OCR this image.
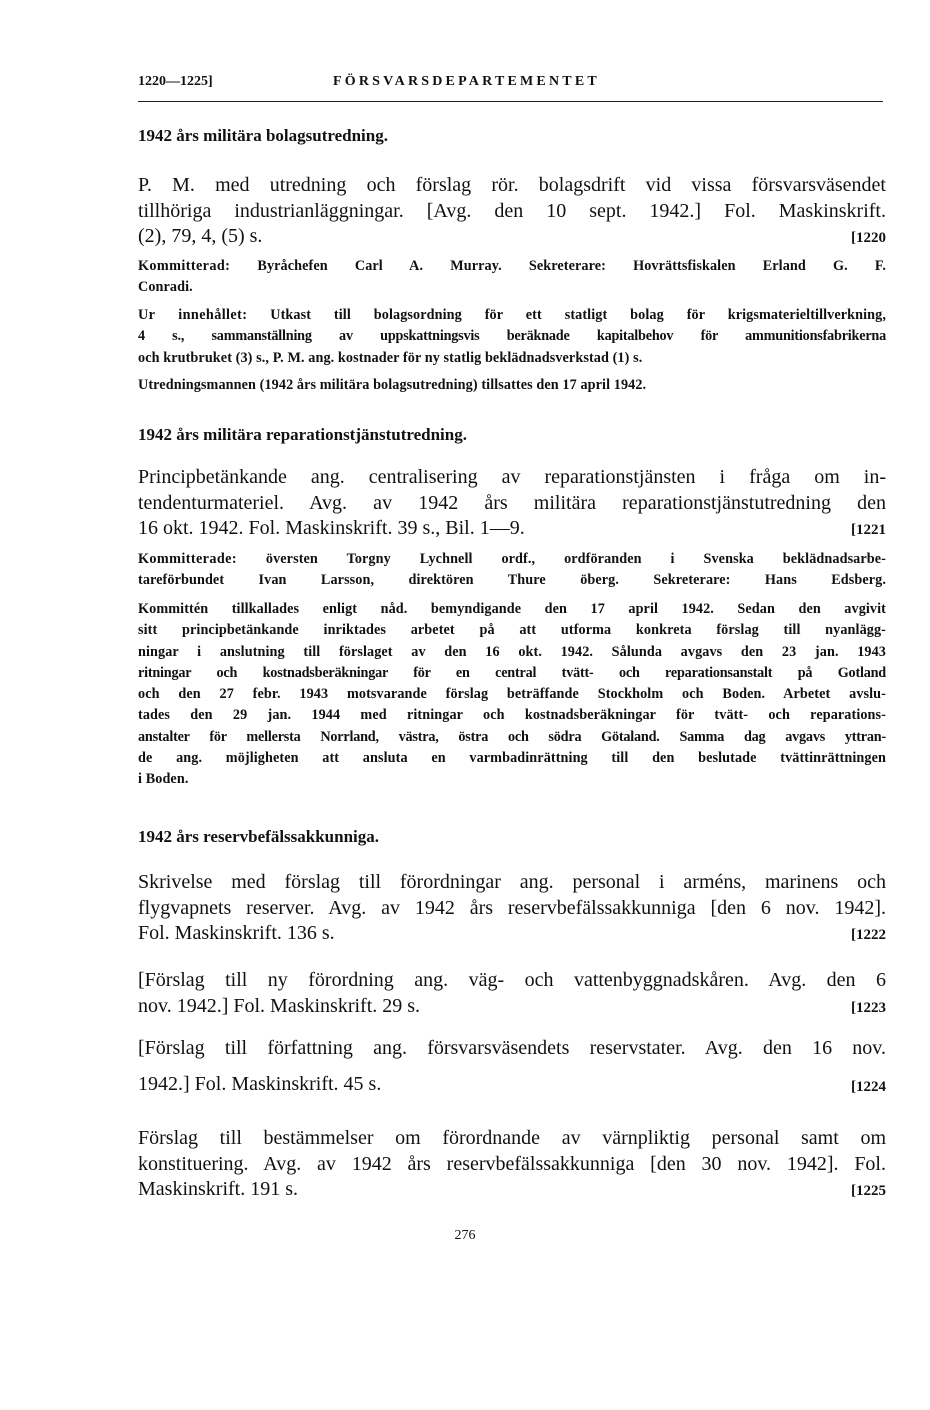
1220—1225]	FÖRSVARSDEPARTEMENTET
1942 års militära bolagsutredning.
P. M. med utredning och förslag rör. bolagsdrift vid vissa försvarsväsendet
tillhöriga industrianläggningar. [Avg. den 10 sept. 1942.] Fol. Maskinskrift.
(2), 79, 4, (5) s.	[1220
Kommitterad: Byråchefen Carl A. Murray. Sekreterare: Hovrättsfiskalen Erland G. F.
Conradi.
Ur innehållet: Utkast till bolagsordning för ett statligt bolag för krigsmaterieltillverkning,
4 s., sammanställning av uppskattningsvis beräknade kapitalbehov för ammunitionsfabrikerna
och krutbruket (3) s., P. M. ang. kostnader för ny statlig beklädnadsverkstad (1) s.
Utredningsmannen (1942 års militära bolagsutredning) tillsattes den 17 april 1942.
1942 års militära reparationstjänstutredning.
Principbetänkande ang. centralisering av reparationstjänsten i fråga om in-
tendenturmateriel. Avg. av 1942 års militära reparationstjänstutredning den
16 okt. 1942. Fol. Maskinskrift. 39 s., Bil. 1—9.	[1221
Kommitterade: översten Torgny Lychnell ordf., ordföranden i Svenska beklädnadsarbe-
tareförbundet Ivan Larsson, direktören Thure öberg. Sekreterare: Hans Edsberg.
Kommittén tillkallades enligt nåd. bemyndigande den 17 april 1942. Sedan den avgivit
sitt principbetänkande inriktades arbetet på att utforma konkreta förslag till nyanlägg-
ningar i anslutning till förslaget av den 16 okt. 1942. Sålunda avgavs den 23 jan. 1943
ritningar och kostnadsberäkningar för en central tvätt- och reparationsanstalt på Gotland
och den 27 febr. 1943 motsvarande förslag beträffande Stockholm och Boden. Arbetet avslu-
tades den 29 jan. 1944 med ritningar och kostnadsberäkningar för tvätt- och reparations-
anstalter för mellersta Norrland, västra, östra och södra Götaland. Samma dag avgavs yttran-
de ang. möjligheten att ansluta en varmbadinrättning till den beslutade tvättinrättningen
i Boden.
1942 års reservbefälssakkunniga.
Skrivelse med förslag till förordningar ang. personal i arméns, marinens och
flygvapnets reserver. Avg. av 1942 års reservbefälssakkunniga [den 6 nov. 1942].
Fol. Maskinskrift. 136 s.	[1222
[Förslag till ny förordning ang. väg- och vattenbyggnadskåren. Avg. den 6
nov. 1942.] Fol. Maskinskrift. 29 s.	[1223
[Förslag till författning ang. försvarsväsendets reservstater. Avg. den 16 nov.
1942.] Fol. Maskinskrift. 45 s.	[1224
Förslag till bestämmelser om förordnande av värnpliktig personal samt om
konstituering. Avg. av 1942 års reservbefälssakkunniga [den 30 nov. 1942]. Fol.
Maskinskrift. 191 s.	[1225
276
